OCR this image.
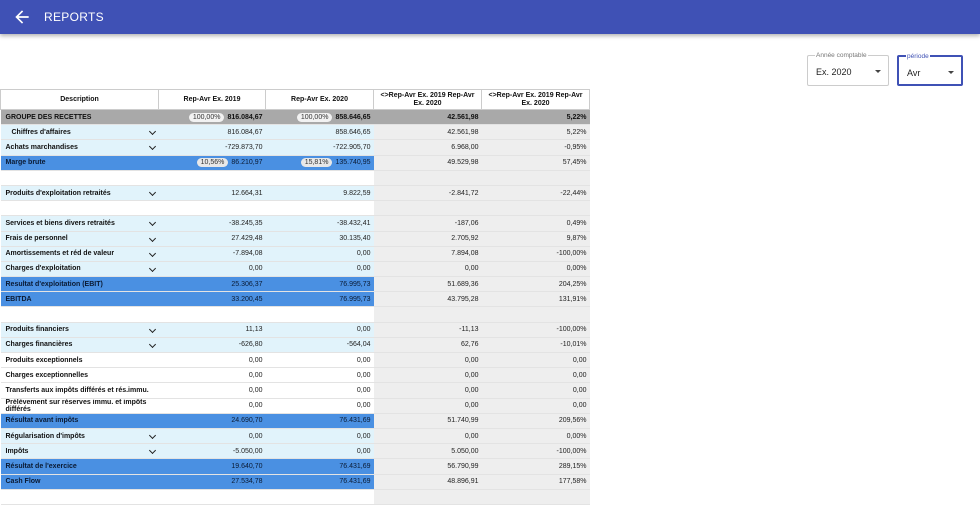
REPORTS
Année comptable
Ex. 2020
période
Avr
Description	Rep-Avr Ex. 2019	Rep-Avr Ex. 2020	<>Rep-Avr Ex. 2019 Rep-Avr Ex. 2020	<>Rep-Avr Ex. 2019 Rep-Avr Ex. 2020
GROUPE DES RECETTES	100,00% 816.084,67	100,00% 858.646,65	42.561,98	5,22%
Chiffres d'affaires	816.084,67	858.646,65	42.561,98	5,22%
Achats marchandises	-729.873,70	-722.905,70	6.968,00	-0,95%
Marge brute	10,56% 86.210,97	15,81% 135.740,95	49.529,98	57,45%

Produits d'exploitation retraités	12.664,31	9.822,59	-2.841,72	-22,44%

Services et biens divers retraités	-38.245,35	-38.432,41	-187,06	0,49%
Frais de personnel	27.429,48	30.135,40	2.705,92	9,87%
Amortissements et réd de valeur	-7.894,08	0,00	7.894,08	-100,00%
Charges d'exploitation	0,00	0,00	0,00	0,00%
Resultat d'exploitation (EBIT)	25.306,37	76.995,73	51.689,36	204,25%
EBITDA	33.200,45	76.995,73	43.795,28	131,91%

Produits financiers	11,13	0,00	-11,13	-100,00%
Charges financières	-626,80	-564,04	62,76	-10,01%
Produits exceptionnels	0,00	0,00	0,00	0,00
Charges exceptionnelles	0,00	0,00	0,00	0,00
Transferts aux impôts différés et rés.immu.	0,00	0,00	0,00	0,00

Prélèvement sur réserves immu. et impôts différés	0,00	0,00	0,00	0,00
Résultat avant impôts	24.690,70	76.431,69	51.740,99	209,56%
Régularisation d'impôts	0,00	0,00	0,00	0,00%
Impôts	-5.050,00	0,00	5.050,00	-100,00%
Résultat de l'exercice	19.640,70	76.431,69	56.790,99	289,15%
Cash Flow	27.534,78	76.431,69	48.896,91	177,58%
